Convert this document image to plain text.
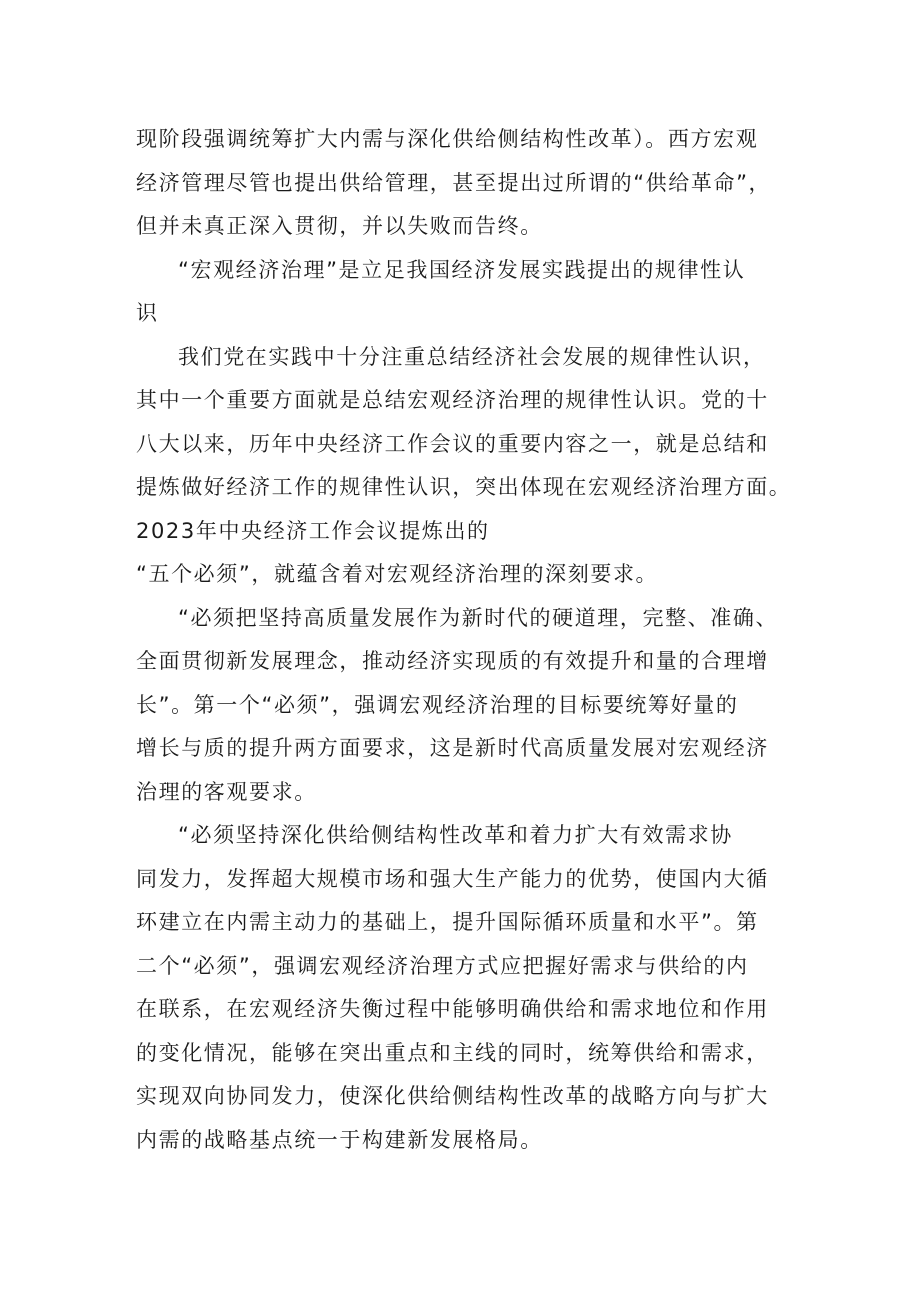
现阶段强调统筹扩大内需与深化供给侧结构性改革）。西方宏观
经济管理尽管也提出供给管理，甚至提出过所谓的“供给革命”，
但并未真正深入贯彻，并以失败而告终。
“宏观经济治理”是立足我国经济发展实践提出的规律性认
识
我们党在实践中十分注重总结经济社会发展的规律性认识，
其中一个重要方面就是总结宏观经济治理的规律性认识。党的十
八大以来，历年中央经济工作会议的重要内容之一，就是总结和
提炼做好经济工作的规律性认识，突出体现在宏观经济治理方面。
2023年中央经济工作会议提炼出的
“五个必须”，就蕴含着对宏观经济治理的深刻要求。
“必须把坚持高质量发展作为新时代的硬道理，完整、准确、
全面贯彻新发展理念，推动经济实现质的有效提升和量的合理增
长”。第一个“必须”，强调宏观经济治理的目标要统筹好量的
增长与质的提升两方面要求，这是新时代高质量发展对宏观经济
治理的客观要求。
“必须坚持深化供给侧结构性改革和着力扩大有效需求协
同发力，发挥超大规模市场和强大生产能力的优势，使国内大循
环建立在内需主动力的基础上，提升国际循环质量和水平”。第
二个“必须”，强调宏观经济治理方式应把握好需求与供给的内
在联系，在宏观经济失衡过程中能够明确供给和需求地位和作用
的变化情况，能够在突出重点和主线的同时，统筹供给和需求，
实现双向协同发力，使深化供给侧结构性改革的战略方向与扩大
内需的战略基点统一于构建新发展格局。
